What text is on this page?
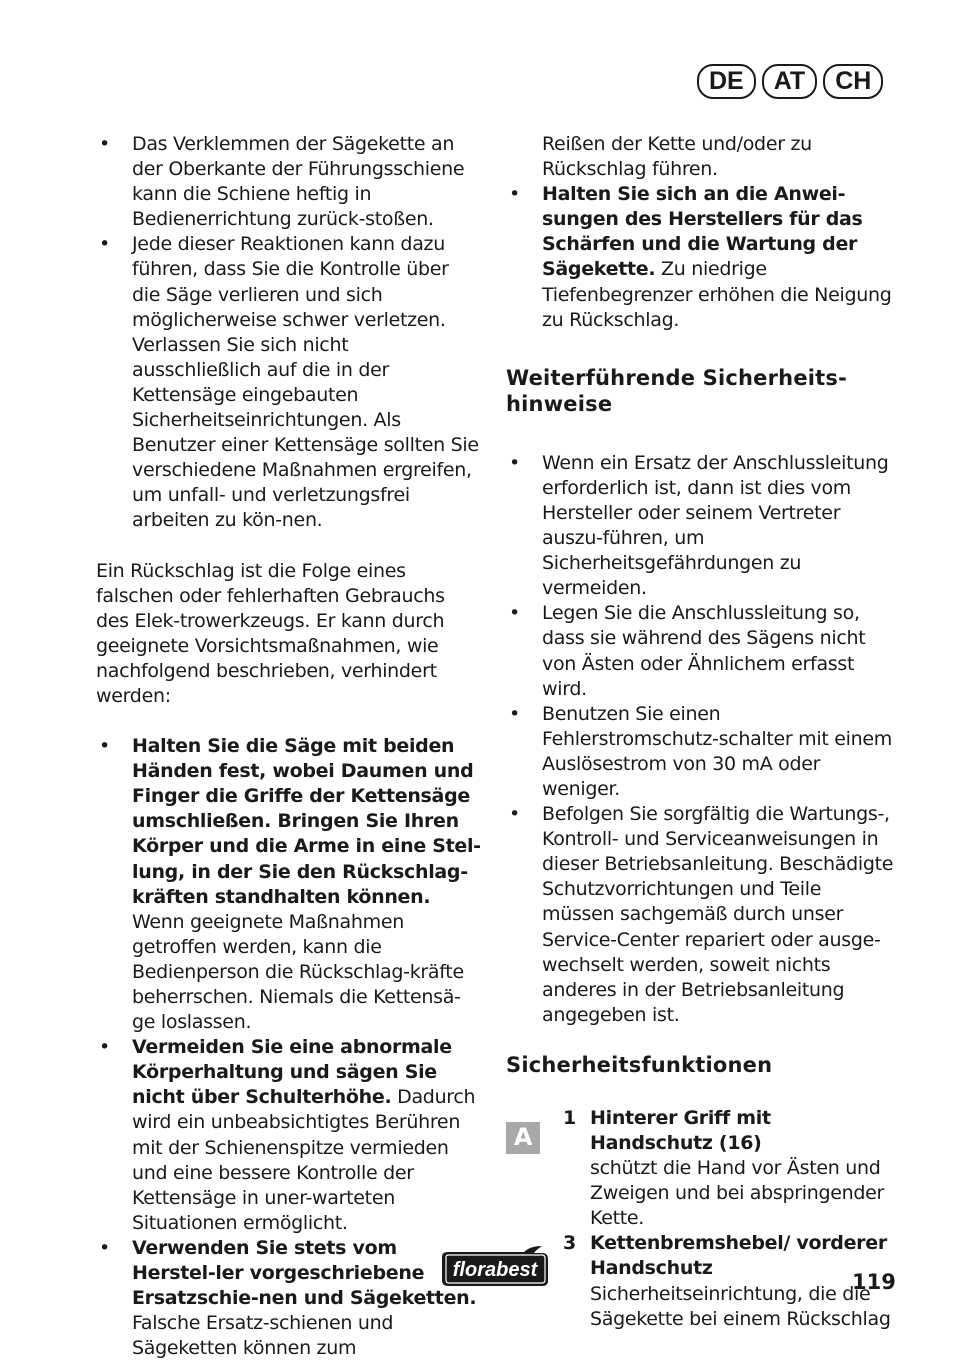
DE	AT	CH
• Das Verklemmen der Sägekette an der Oberkante der Führungsschiene kann die Schiene heftig in Bedienerrichtung zurück-stoßen.
• Jede dieser Reaktionen kann dazu führen, dass Sie die Kontrolle über die Säge verlieren und sich möglicherweise schwer verletzen. Verlassen Sie sich nicht ausschließlich auf die in der Kettensäge eingebauten Sicherheitseinrichtungen. Als Benutzer einer Kettensäge sollten Sie verschiedene Maßnahmen ergreifen, um unfall- und verletzungsfrei arbeiten zu kön-nen.

Ein Rückschlag ist die Folge eines falschen oder fehlerhaften Gebrauchs des Elek-trowerkzeugs. Er kann durch geeignete Vorsichtsmaßnahmen, wie nachfolgend beschrieben, verhindert werden:

• Halten Sie die Säge mit beiden Händen fest, wobei Daumen und Finger die Griffe der Kettensäge umschließen. Bringen Sie Ihren Körper und die Arme in eine Stel-lung, in der Sie den Rückschlag-kräften standhalten können. Wenn geeignete Maßnahmen getroffen werden, kann die Bedienperson die Rückschlag-kräfte beherrschen. Niemals die Kettensä-ge loslassen.
• Vermeiden Sie eine abnormale Körperhaltung und sägen Sie nicht über Schulterhöhe. Dadurch wird ein unbeabsichtigtes Berühren mit der Schienenspitze vermieden und eine bessere Kontrolle der Kettensäge in uner-warteten Situationen ermöglicht.
• Verwenden Sie stets vom Herstel-ler vorgeschriebene Ersatzschie-nen und Sägeketten. Falsche Ersatz-schienen und Sägeketten können zum
Reißen der Kette und/oder zu Rückschlag führen.
• Halten Sie sich an die Anwei-sungen des Herstellers für das Schärfen und die Wartung der Sägekette. Zu niedrige Tiefenbegrenzer erhöhen die Neigung zu Rückschlag.
Weiterführende Sicherheits-hinweise
• Wenn ein Ersatz der Anschlussleitung erforderlich ist, dann ist dies vom Hersteller oder seinem Vertreter auszu-führen, um Sicherheitsgefährdungen zu vermeiden.
• Legen Sie die Anschlussleitung so, dass sie während des Sägens nicht von Ästen oder Ähnlichem erfasst wird.
• Benutzen Sie einen Fehlerstromschutz-schalter mit einem Auslösestrom von 30 mA oder weniger.
• Befolgen Sie sorgfältig die Wartungs-, Kontroll- und Serviceanweisungen in dieser Betriebsanleitung. Beschädigte Schutzvorrichtungen und Teile müssen sachgemäß durch unser Service-Center repariert oder ausge-wechselt werden, soweit nichts anderes in der Betriebsanleitung angegeben ist.
Sicherheitsfunktionen
A
1 Hinterer Griff mit Handschutz (16)
schützt die Hand vor Ästen und Zweigen und bei abspringender Kette.
3 Kettenbremshebel/ vorderer Handschutz
Sicherheitseinrichtung, die die Sägekette bei einem Rückschlag
florabest	119
